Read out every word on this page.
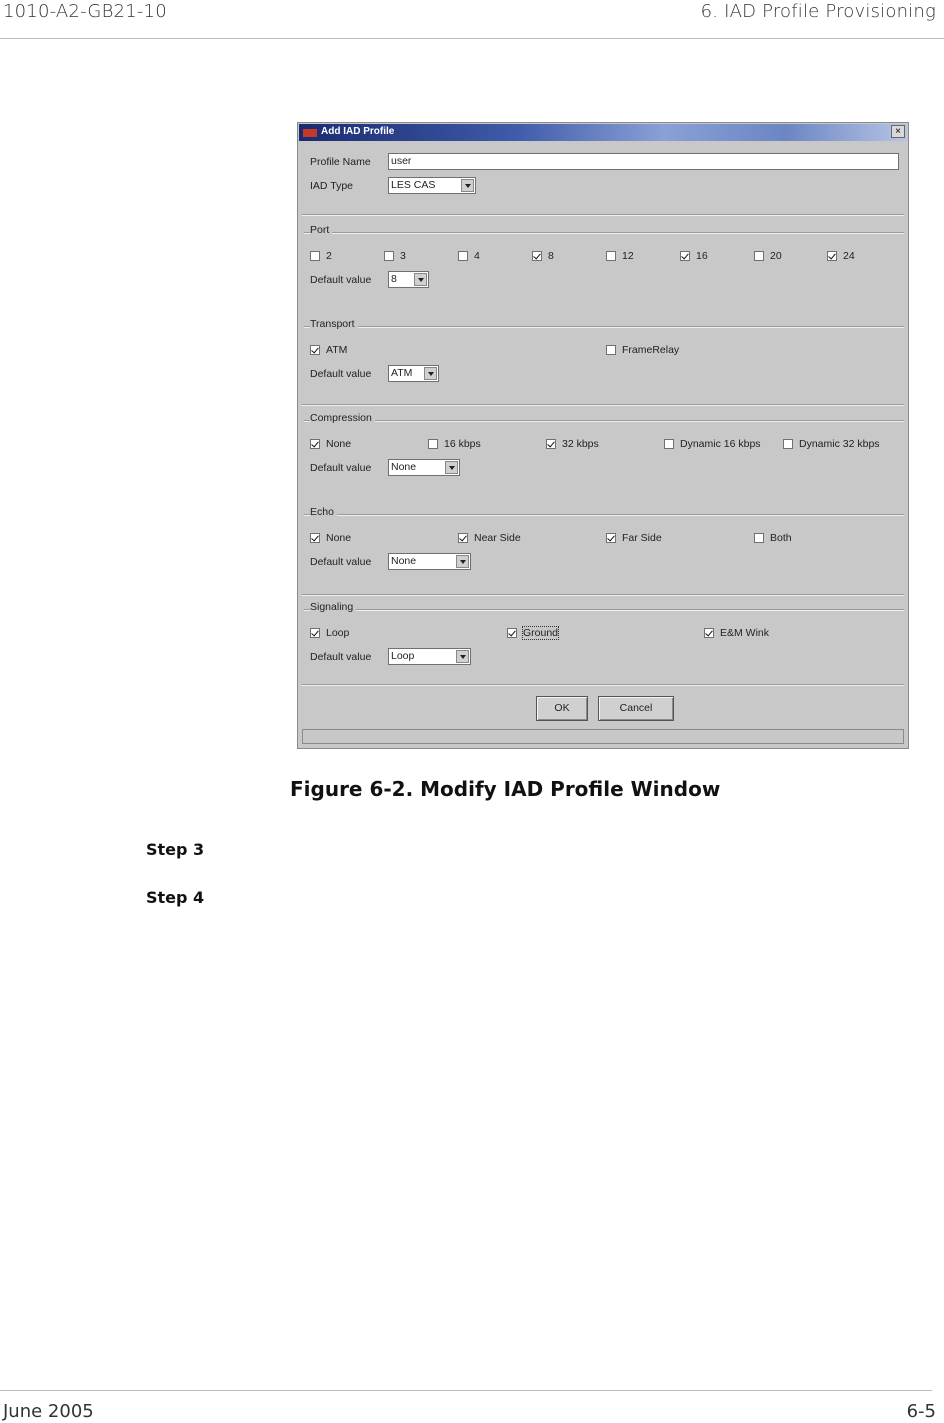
1010-A2-GB21-10	6. IAD Profile Provisioning
Add IAD Profile	×
Profile Name user
IAD Type	LES CAS
Port
2	3	4	8	12	16	20	24
Default value 8
Transport
ATM	FrameRelay
Default value ATM
Compression
None	16 kbps	32 kbps	Dynamic 16 kbps	Dynamic 32 kbps
Default value None
Echo
None	Near Side	Far Side	Both
Default value None
Signaling
Loop	Ground	E&M Wink
Default value Loop
OK	Cancel
Figure 6-2. Modify IAD Profile Window
Step 3
Step 4
June 2005	6-5
